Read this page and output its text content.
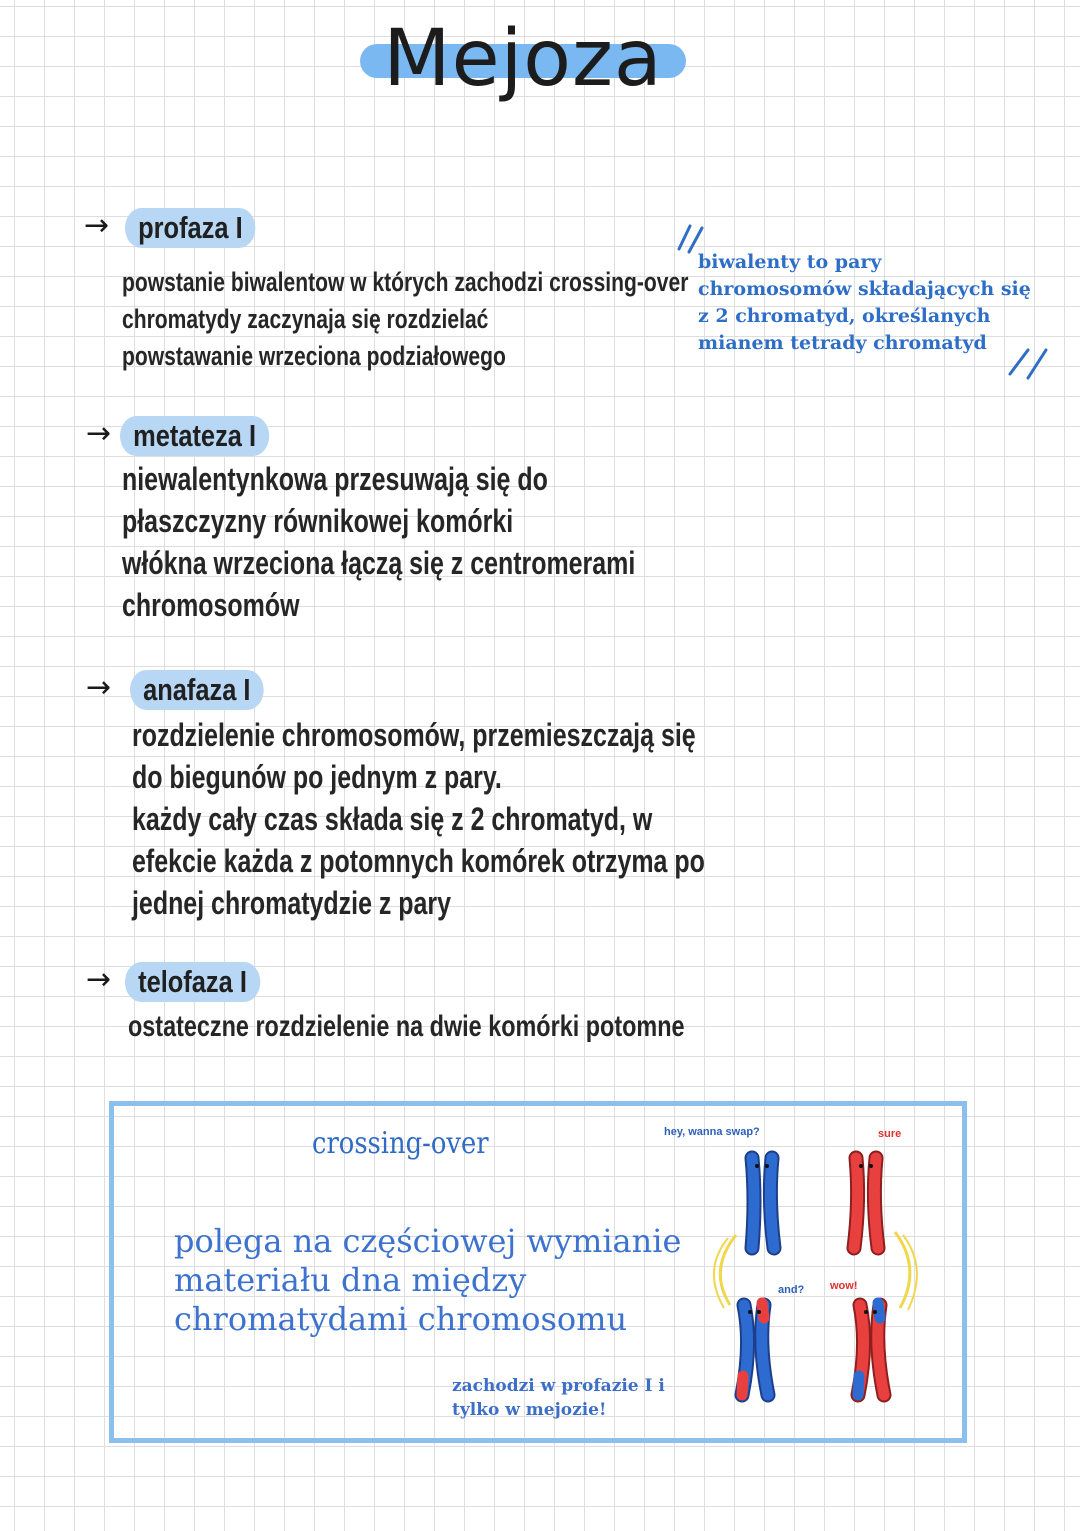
Mejoza
→ profaza I
powstanie biwalentow w których zachodzi crossing-over
chromatydy zaczynaja się rozdzielać
powstawanie wrzeciona podziałowego
→ metateza I
niewalentynkowa przesuwają się do
płaszczyzny równikowej komórki
włókna wrzeciona łączą się z centromerami
chromosomów
→	anafaza I
rozdzielenie chromosomów, przemieszczają się
do biegunów po jednym z pary.
każdy cały czas składa się z 2 chromatyd, w
efekcie każda z potomnych komórek otrzyma po
jednej chromatydzie z pary
→ telofaza I
ostateczne rozdzielenie na dwie komórki potomne
biwalenty to pary
chromosomów składających się
z 2 chromatyd, określanych
mianem tetrady chromatyd
crossing-over
polega na częściowej wymianie
materiału dna między
chromatydami chromosomu
zachodzi w profazie I i
tylko w mejozie!
hey, wanna swap?	sure
and? wow!
